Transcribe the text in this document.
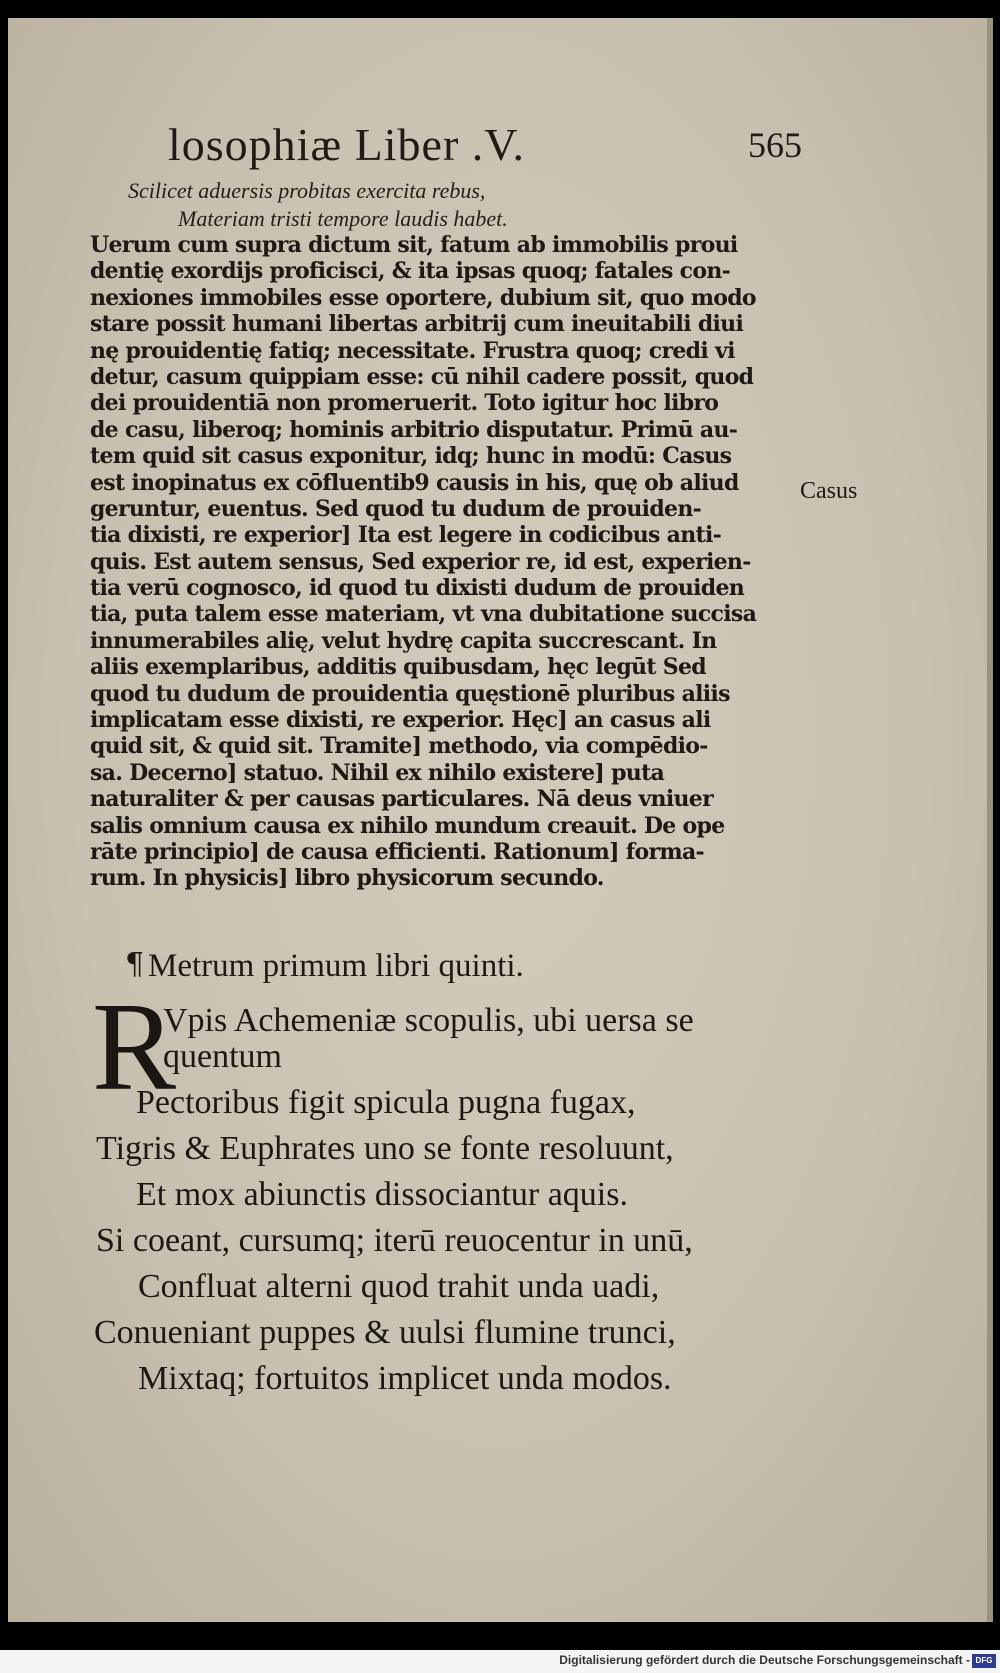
losophiæ Liber .V.	565
Scilicet aduersis probitas exercita rebus,
Materiam tristi tempore laudis habet.
Uerum cum supra dictum sit, fatum ab immobilis proui
dentię exordijs proficisci, & ita ipsas quoq; fatales con-
nexiones immobiles esse oportere, dubium sit, quo modo
stare possit humani libertas arbitrij cum ineuitabili diui
nę prouidentię fatiq; necessitate. Frustra quoq; credi vi
detur, casum quippiam esse: cū nihil cadere possit, quod
dei prouidentiā non promeruerit. Toto igitur hoc libro
de casu, liberoq; hominis arbitrio disputatur. Primū au-
tem quid sit casus exponitur, idq; hunc in modū: Casus
est inopinatus ex cōfluentib9 causis in his, quę ob aliud
geruntur, euentus. Sed quod tu dudum de prouiden-
tia dixisti, re experior] Ita est legere in codicibus anti-
quis. Est autem sensus, Sed experior re, id est, experien-
tia verū cognosco, id quod tu dixisti dudum de prouiden
tia, puta talem esse materiam, vt vna dubitatione succisa
innumerabiles alię, velut hydrę capita succrescant. In
aliis exemplaribus, additis quibusdam, hęc legūt Sed
quod tu dudum de prouidentia quęstionē pluribus aliis
implicatam esse dixisti, re experior. Hęc] an casus ali
quid sit, & quid sit. Tramite] methodo, via compēdio-
sa. Decerno] statuo. Nihil ex nihilo existere] puta
naturaliter & per causas particulares. Nā deus vniuer
salis omnium causa ex nihilo mundum creauit. De ope
rāte principio] de causa efficienti. Rationum] forma-
rum. In physicis] libro physicorum secundo.
Casus
¶ Metrum primum libri quinti.
R
Vpis Achemeniæ scopulis, ubi uersa se
quentum
Pectoribus figit spicula pugna fugax,
Tigris & Euphrates uno se fonte resoluunt,
Et mox abiunctis dissociantur aquis.
Si coeant, cursumq; iterū reuocentur in unū,
Confluat alterni quod trahit unda uadi,
Conueniant puppes & uulsi flumine trunci,
Mixtaq; fortuitos implicet unda modos.
Digitalisierung gefördert durch die Deutsche Forschungsgemeinschaft - DFG
